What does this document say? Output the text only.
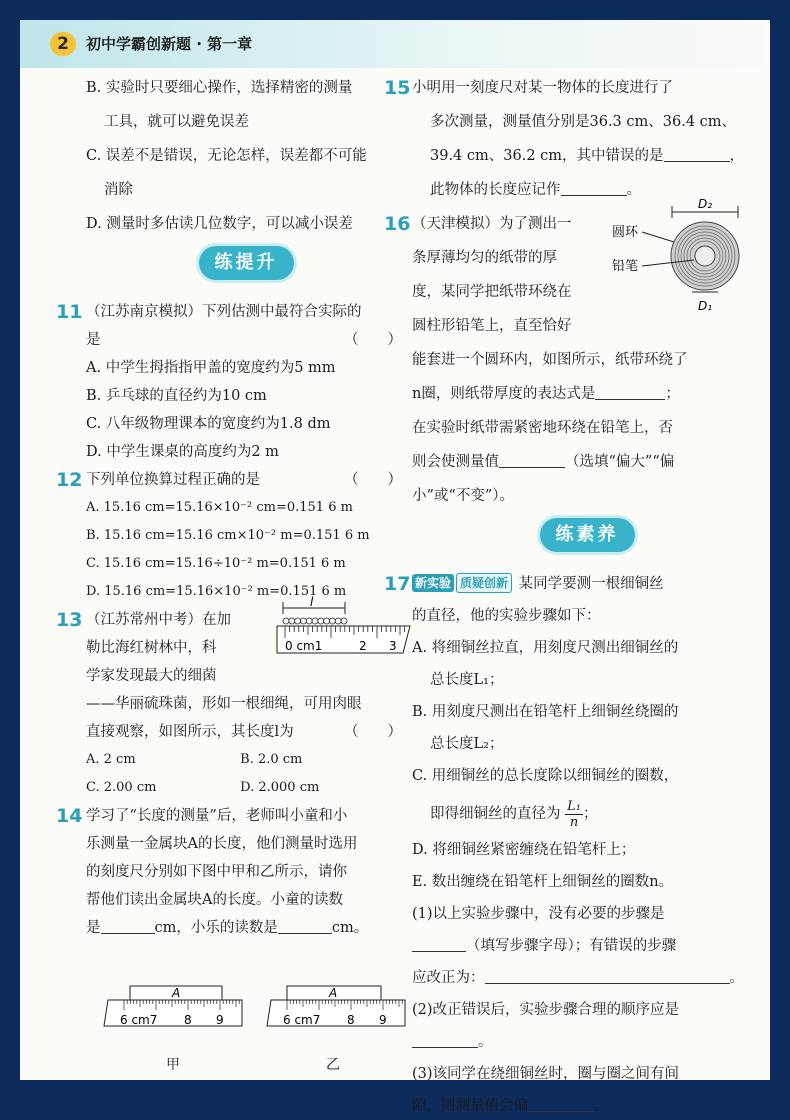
2	初中学霸创新题 · 第一章
B. 实验时只要细心操作，选择精密的测量
工具，就可以避免误差
C. 误差不是错误，无论怎样，误差都不可能
消除
D. 测量时多估读几位数字，可以减小误差
练提升
11 （江苏南京模拟）下列估测中最符合实际的
是	（　　）
A. 中学生拇指指甲盖的宽度约为5 mm
B. 乒乓球的直径约为10 cm
C. 八年级物理课本的宽度约为1.8 dm
D. 中学生课桌的高度约为2 m
12 下列单位换算过程正确的是	（　　）
A. 15.16 cm=15.16×10⁻² cm=0.151 6 m
B. 15.16 cm=15.16 cm×10⁻² m=0.151 6 m
C. 15.16 cm=15.16÷10⁻² m=0.151 6 m
D. 15.16 cm=15.16×10⁻² m=0.151 6 m
13 （江苏常州中考）在加
勒比海红树林中，科
学家发现最大的细菌
——华丽硫珠菌，形如一根细绳，可用肉眼
直接观察，如图所示，其长度l为	（　　）
A. 2 cm	B. 2.0 cm
C. 2.00 cm	D. 2.000 cm
14 学习了“长度的测量”后，老师叫小童和小
乐测量一金属块A的长度，他们测量时选用
的刻度尺分别如下图中甲和乙所示，请你
帮他们读出金属块A的长度。小童的读数
是	cm，小乐的读数是	cm。
l
0 cm1	2 3
A
6 cm7 8 9
A
6 cm7 8 9
甲	乙
15 小明用一刻度尺对某一物体的长度进行了
多次测量，测量值分别是36.3 cm、36.4 cm、
39.4 cm、36.2 cm，其中错误的是	，
此物体的长度应记作	。
16 （天津模拟）为了测出一
条厚薄均匀的纸带的厚
度，某同学把纸带环绕在
圆柱形铅笔上，直至恰好
能套进一个圆环内，如图所示，纸带环绕了
n圈，则纸带厚度的表达式是	；
在实验时纸带需紧密地环绕在铅笔上，否
则会使测量值	（选填“偏大”“偏
小”或“不变”）。
练素养
17 新实验 质疑创新 某同学要测一根细铜丝
的直径，他的实验步骤如下：
A. 将细铜丝拉直，用刻度尺测出细铜丝的
总长度L₁；
B. 用刻度尺测出在铅笔杆上细铜丝绕圈的
总长度L₂；
C. 用细铜丝的总长度除以细铜丝的圈数，
即得细铜丝的直径为 $\frac{\text{L₁}}{n}$ ；
D. 将细铜丝紧密缠绕在铅笔杆上；
E. 数出缠绕在铅笔杆上细铜丝的圈数n。
(1)以上实验步骤中，没有必要的步骤是
（填写步骤字母）；有错误的步骤
应改正为：	。
(2)改正错误后，实验步骤合理的顺序应是
。
(3)该同学在绕细铜丝时，圈与圈之间有间
隙，则测量值会偏	。
D₂
D₁
圆环
铅笔
